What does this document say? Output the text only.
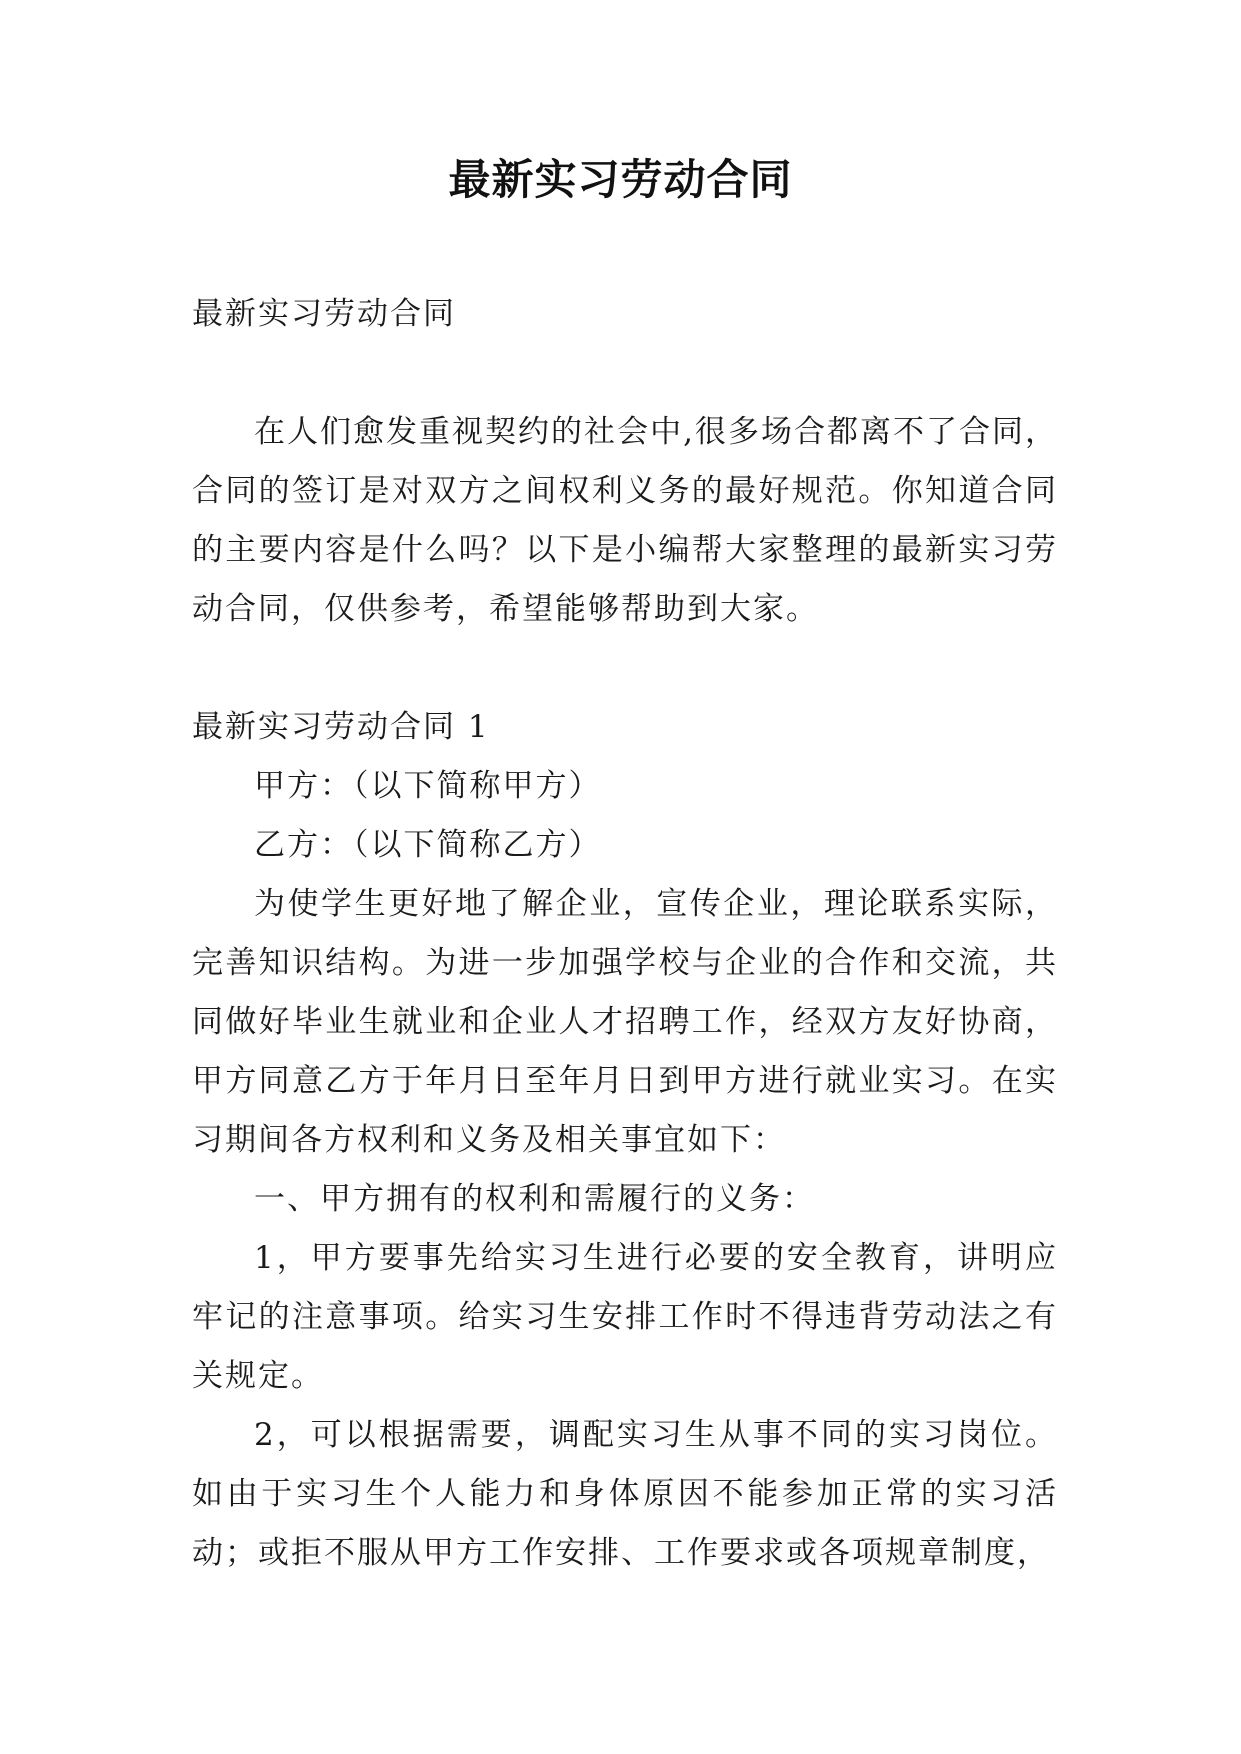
最新实习劳动合同

最新实习劳动合同

在人们愈发重视契约的社会中,很多场合都离不了合同，合同的签订是对双方之间权利义务的最好规范。你知道合同的主要内容是什么吗？以下是小编帮大家整理的最新实习劳动合同，仅供参考，希望能够帮助到大家。

最新实习劳动合同 1

甲方：（以下简称甲方）

乙方：（以下简称乙方）

为使学生更好地了解企业，宣传企业，理论联系实际，完善知识结构。为进一步加强学校与企业的合作和交流，共同做好毕业生就业和企业人才招聘工作，经双方友好协商，甲方同意乙方于年月日至年月日到甲方进行就业实习。在实习期间各方权利和义务及相关事宜如下：

一、甲方拥有的权利和需履行的义务：

1，甲方要事先给实习生进行必要的安全教育，讲明应牢记的注意事项。给实习生安排工作时不得违背劳动法之有关规定。

2，可以根据需要，调配实习生从事不同的实习岗位。如由于实习生个人能力和身体原因不能参加正常的实习活动；或拒不服从甲方工作安排、工作要求或各项规章制度，
